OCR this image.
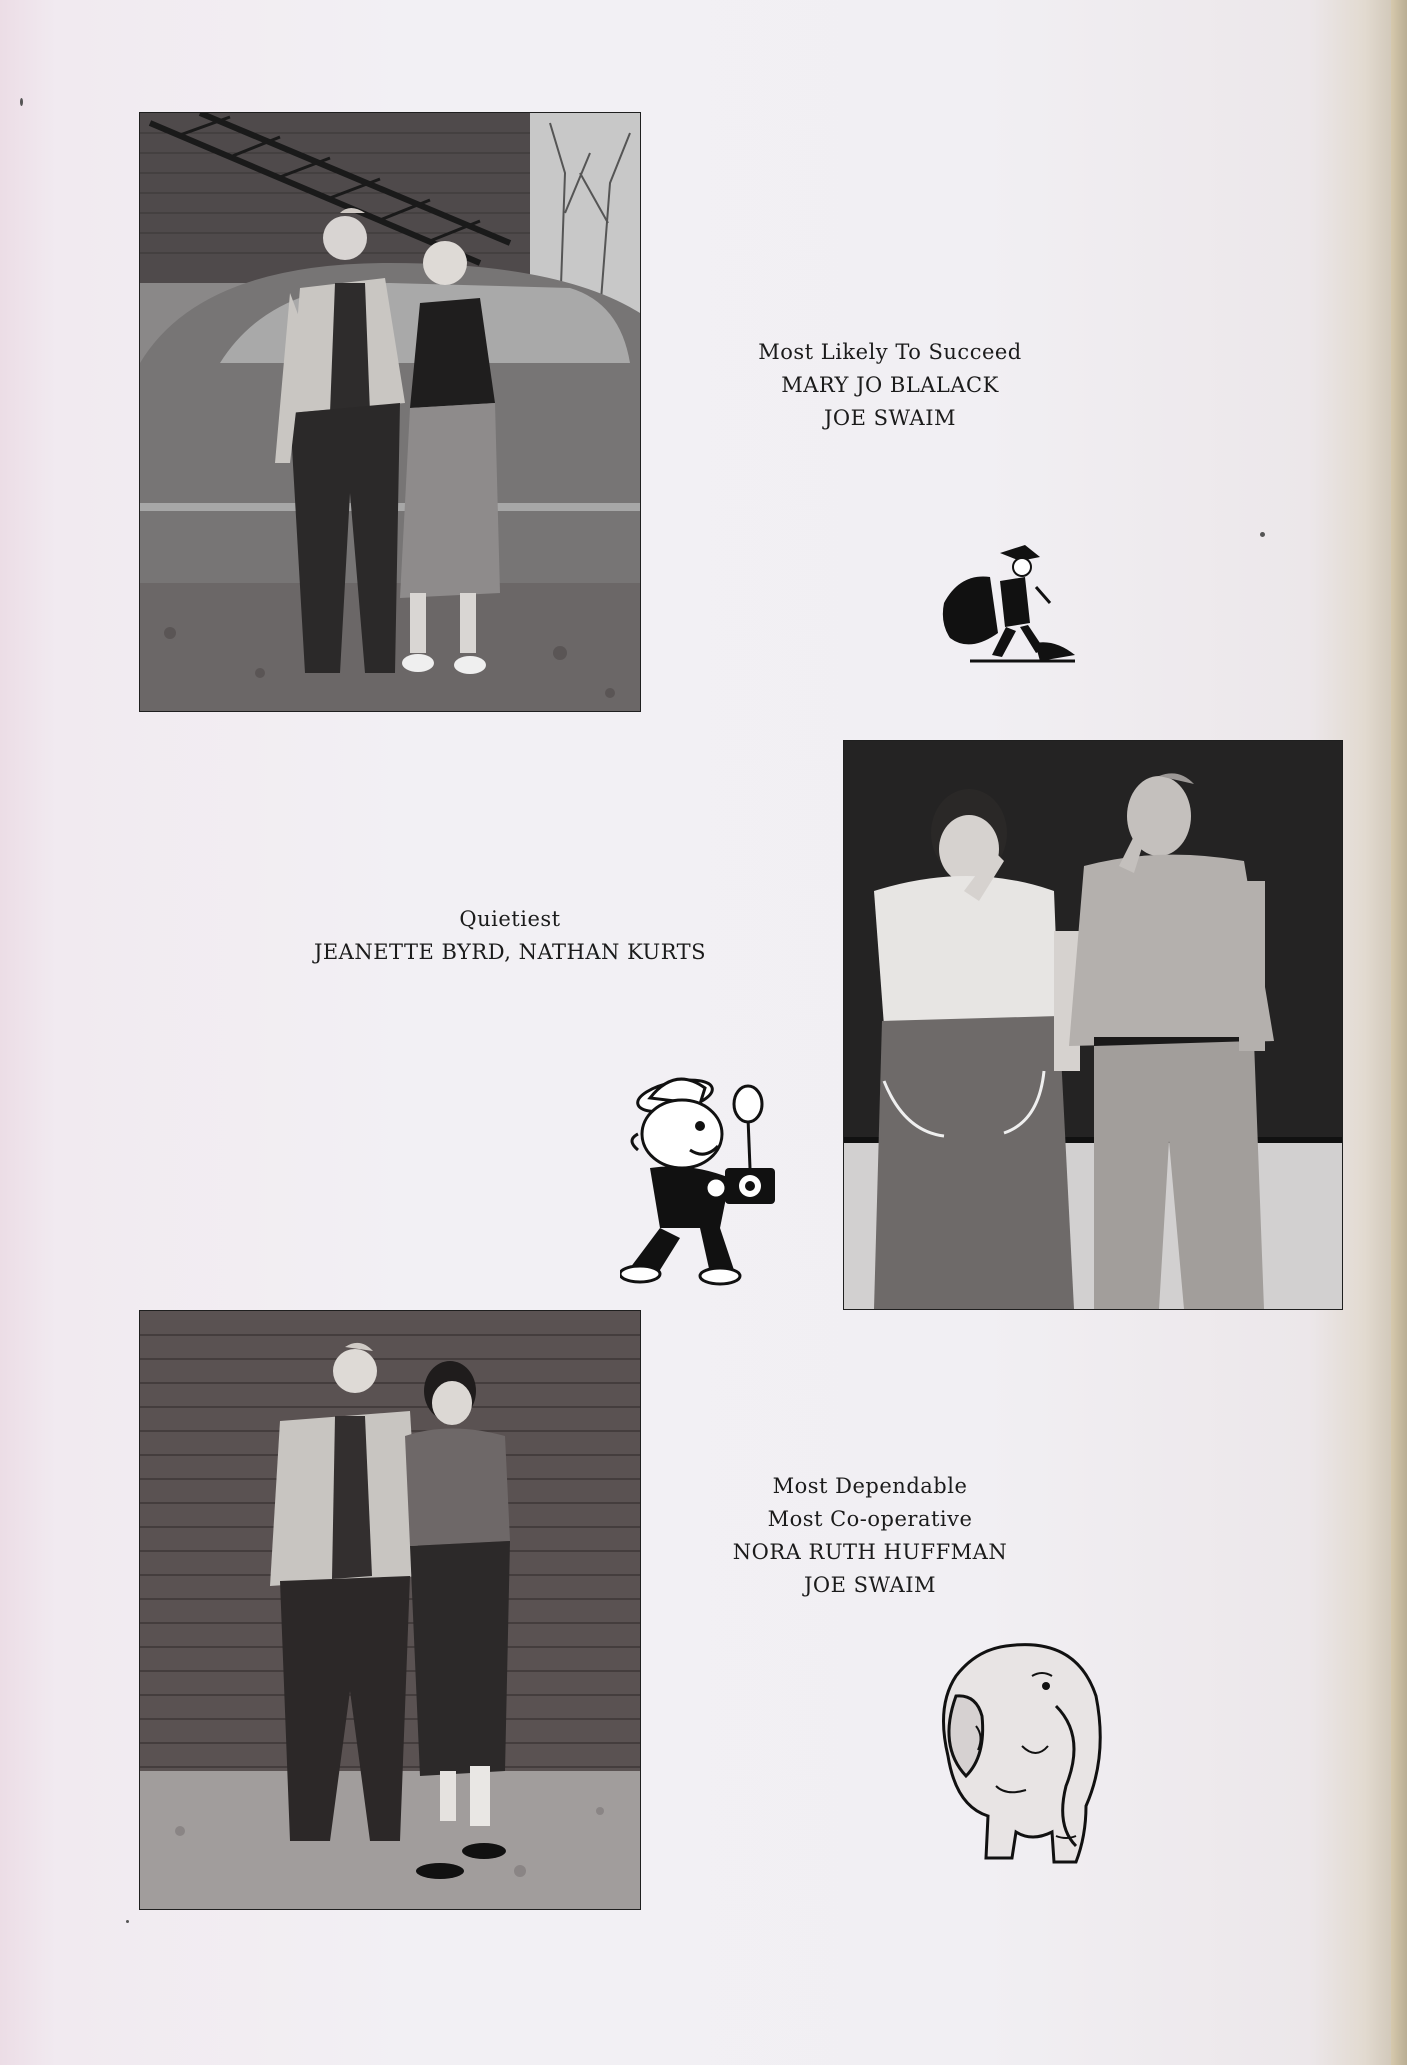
Most Likely To Succeed
MARY JO BLALACK
JOE SWAIM
Quietiest
JEANETTE BYRD, NATHAN KURTS
Most Dependable
Most Co-operative
NORA RUTH HUFFMAN
JOE SWAIM
